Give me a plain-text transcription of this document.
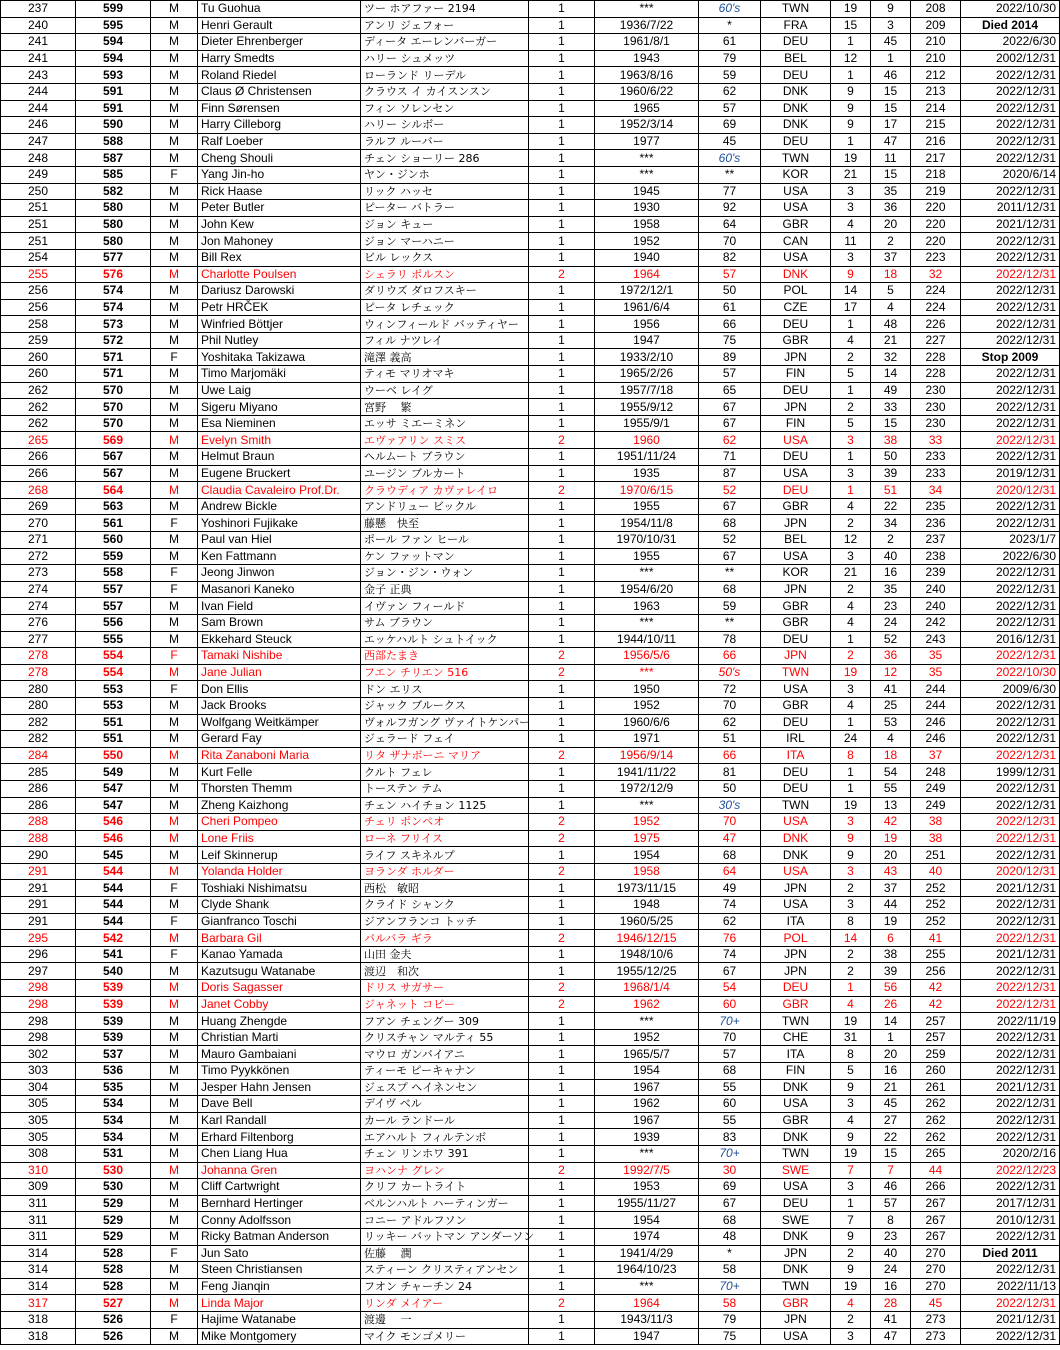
237	599	M	Tu Guohua	ツー ホアファー 2194	1	***	60's	TWN	19	9	208	2022/10/30
240	595	M	Henri Gerault	アンリ ジェフォー	1	1936/7/22	*	FRA	15	3	209	Died 2014
241	594	M	Dieter Ehrenberger	ディータ エーレンバーガー	1	1961/8/1	61	DEU	1	45	210	2022/6/30
241	594	M	Harry Smedts	ハリー シュメッツ	1	1943	79	BEL	12	1	210	2002/12/31
243	593	M	Roland Riedel	ローランド リーデル	1	1963/8/16	59	DEU	1	46	212	2022/12/31
244	591	M	Claus Ø Christensen	クラウス イ カイスンスン	1	1960/6/22	62	DNK	9	15	213	2022/12/31
244	591	M	Finn Sørensen	フィン ソレンセン	1	1965	57	DNK	9	15	214	2022/12/31
246	590	M	Harry Cilleborg	ハリー シルボー	1	1952/3/14	69	DNK	9	17	215	2022/12/31
247	588	M	Ralf Loeber	ラルフ ルーバー	1	1977	45	DEU	1	47	216	2022/12/31
248	587	M	Cheng Shouli	チェン ショーリー 286	1	***	60's	TWN	19	11	217	2022/12/31
249	585	F	Yang Jin-ho	ヤン・ジンホ	1	***	**	KOR	21	15	218	2020/6/14
250	582	M	Rick Haase	リック ハッセ	1	1945	77	USA	3	35	219	2022/12/31
251	580	M	Peter Butler	ピーター バトラー	1	1930	92	USA	3	36	220	2011/12/31
251	580	M	John Kew	ジョン キュー	1	1958	64	GBR	4	20	220	2021/12/31
251	580	M	Jon Mahoney	ジョン マーハニー	1	1952	70	CAN	11	2	220	2022/12/31
254	577	M	Bill Rex	ビル レックス	1	1940	82	USA	3	37	223	2022/12/31
255	576	M	Charlotte Poulsen	シェラリ ポルスン	2	1964	57	DNK	9	18	32	2022/12/31
256	574	M	Dariusz Darowski	ダリウズ ダロフスキー	1	1972/12/1	50	POL	14	5	224	2022/12/31
256	574	M	Petr HRČEK	ピータ レチェック	1	1961/6/4	61	CZE	17	4	224	2022/12/31
258	573	M	Winfried Böttjer	ウィンフィールド バッティヤー	1	1956	66	DEU	1	48	226	2022/12/31
259	572	M	Phil Nutley	フィル ナツレイ	1	1947	75	GBR	4	21	227	2022/12/31
260	571	F	Yoshitaka Takizawa	滝澤 義高	1	1933/2/10	89	JPN	2	32	228	Stop 2009
260	571	M	Timo Marjomäki	ティモ マリオマキ	1	1965/2/26	57	FIN	5	14	228	2022/12/31
262	570	M	Uwe Laig	ウーベ レイグ	1	1957/7/18	65	DEU	1	49	230	2022/12/31
262	570	M	Sigeru Miyano	宮野　 繁	1	1955/9/12	67	JPN	2	33	230	2022/12/31
262	570	M	Esa Nieminen	エッサ ミエーミネン	1	1955/9/1	67	FIN	5	15	230	2022/12/31
265	569	M	Evelyn Smith	エヴァアリン スミス	2	1960	62	USA	3	38	33	2022/12/31
266	567	M	Helmut Braun	ヘルムート ブラウン	1	1951/11/24	71	DEU	1	50	233	2022/12/31
266	567	M	Eugene Bruckert	ユージン ブルカート	1	1935	87	USA	3	39	233	2019/12/31
268	564	M	Claudia Cavaleiro Prof.Dr.	クラウディア カヴァレイロ	2	1970/6/15	52	DEU	1	51	34	2020/12/31
269	563	M	Andrew Bickle	アンドリュー ビックル	1	1955	67	GBR	4	22	235	2022/12/31
270	561	F	Yoshinori Fujikake	藤懸　快至	1	1954/11/8	68	JPN	2	34	236	2022/12/31
271	560	M	Paul van Hiel	ポール ファン ヒール	1	1970/10/31	52	BEL	12	2	237	2023/1/7
272	559	M	Ken Fattmann	ケン ファットマン	1	1955	67	USA	3	40	238	2022/6/30
273	558	F	Jeong Jinwon	ジョン・ジン・ウォン	1	***	**	KOR	21	16	239	2022/12/31
274	557	F	Masanori Kaneko	金子 正典	1	1954/6/20	68	JPN	2	35	240	2022/12/31
274	557	M	Ivan Field	イヴァン フィールド	1	1963	59	GBR	4	23	240	2022/12/31
276	556	M	Sam Brown	サム ブラウン	1	***	**	GBR	4	24	242	2022/12/31
277	555	M	Ekkehard Steuck	エッケハルト シュトイック	1	1944/10/11	78	DEU	1	52	243	2016/12/31
278	554	F	Tamaki Nishibe	西部たまき	2	1956/5/6	66	JPN	2	36	35	2022/12/31
278	554	M	Jane Julian	フエン チリエン 516	2	***	50's	TWN	19	12	35	2022/10/30
280	553	F	Don Ellis	ドン エリス	1	1950	72	USA	3	41	244	2009/6/30
280	553	M	Jack Brooks	ジャック ブルークス	1	1952	70	GBR	4	25	244	2022/12/31
282	551	M	Wolfgang Weitkämper	ヴォルフガング ヴァイトケンパー	1	1960/6/6	62	DEU	1	53	246	2022/12/31
282	551	M	Gerard Fay	ジェラード フェイ	1	1971	51	IRL	24	4	246	2022/12/31
284	550	M	Rita Zanaboni Maria	リタ ザナボーニ マリア	2	1956/9/14	66	ITA	8	18	37	2022/12/31
285	549	M	Kurt Felle	クルト フェレ	1	1941/11/22	81	DEU	1	54	248	1999/12/31
286	547	M	Thorsten Themm	トーステン テム	1	1972/12/9	50	DEU	1	55	249	2022/12/31
286	547	M	Zheng Kaizhong	チェン ハイチョン 1125	1	***	30's	TWN	19	13	249	2022/12/31
288	546	M	Cheri Pompeo	チェリ ポンペオ	2	1952	70	USA	3	42	38	2022/12/31
288	546	M	Lone Friis	ローネ フリイス	2	1975	47	DNK	9	19	38	2022/12/31
290	545	M	Leif Skinnerup	ライフ スキネルプ	1	1954	68	DNK	9	20	251	2022/12/31
291	544	M	Yolanda Holder	ヨランダ ホルダー	2	1958	64	USA	3	43	40	2020/12/31
291	544	F	Toshiaki Nishimatsu	西松　敏昭	1	1973/11/15	49	JPN	2	37	252	2021/12/31
291	544	M	Clyde Shank	クライド シャンク	1	1948	74	USA	3	44	252	2022/12/31
291	544	F	Gianfranco Toschi	ジアンフランコ トッチ	1	1960/5/25	62	ITA	8	19	252	2022/12/31
295	542	M	Barbara Gil	バルバラ ギラ	2	1946/12/15	76	POL	14	6	41	2022/12/31
296	541	F	Kanao Yamada	山田 金夫	1	1948/10/6	74	JPN	2	38	255	2021/12/31
297	540	M	Kazutsugu Watanabe	渡辺　和次	1	1955/12/25	67	JPN	2	39	256	2022/12/31
298	539	M	Doris Sagasser	ドリス サガサー	2	1968/1/4	54	DEU	1	56	42	2022/12/31
298	539	M	Janet Cobby	ジャネット コビー	2	1962	60	GBR	4	26	42	2022/12/31
298	539	M	Huang Zhengde	フアン チェングー 309	1	***	70+	TWN	19	14	257	2022/11/19
298	539	M	Christian Marti	クリスチャン マルティ 55	1	1952	70	CHE	31	1	257	2022/12/31
302	537	M	Mauro Gambaiani	マウロ ガンバイアニ	1	1965/5/7	57	ITA	8	20	259	2022/12/31
303	536	M	Timo Pyykkönen	ティーモ ピーキャナン	1	1954	68	FIN	5	16	260	2022/12/31
304	535	M	Jesper Hahn Jensen	ジェスプ ヘイネンセン	1	1967	55	DNK	9	21	261	2021/12/31
305	534	M	Dave Bell	デイヴ ベル	1	1962	60	USA	3	45	262	2022/12/31
305	534	M	Karl Randall	カール ランドール	1	1967	55	GBR	4	27	262	2022/12/31
305	534	M	Erhard Filtenborg	エアハルト フィルテンボ	1	1939	83	DNK	9	22	262	2022/12/31
308	531	M	Chen Liang Hua	チェン リンホワ 391	1	***	70+	TWN	19	15	265	2020/2/16
310	530	M	Johanna Gren	ヨハンナ グレン	2	1992/7/5	30	SWE	7	7	44	2022/12/23
309	530	M	Cliff Cartwright	クリフ カートライト	1	1953	69	USA	3	46	266	2022/12/31
311	529	M	Bernhard Hertinger	ベルンハルト ハーティンガー	1	1955/11/27	67	DEU	1	57	267	2017/12/31
311	529	M	Conny Adolfsson	コニー アドルフソン	1	1954	68	SWE	7	8	267	2010/12/31
311	529	M	Ricky Batman Anderson	リッキー バットマン アンダーソン	1	1974	48	DNK	9	23	267	2022/12/31
314	528	F	Jun Sato	佐藤　 潤	1	1941/4/29	*	JPN	2	40	270	Died 2011
314	528	M	Steen Christiansen	スティーン クリスティアンセン	1	1964/10/23	58	DNK	9	24	270	2022/12/31
314	528	M	Feng Jianqin	フオン チャーチン 24	1	***	70+	TWN	19	16	270	2022/11/13
317	527	M	Linda Major	リンダ メイアー	2	1964	58	GBR	4	28	45	2022/12/31
318	526	F	Hajime Watanabe	渡邊　 一	1	1943/11/3	79	JPN	2	41	273	2021/12/31
318	526	M	Mike Montgomery	マイク モンゴメリー	1	1947	75	USA	3	47	273	2022/12/31
